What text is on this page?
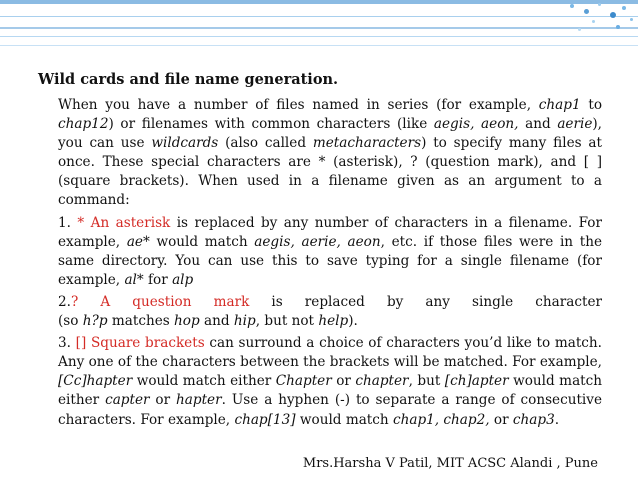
Wild cards and file name generation.

When you have a number of files named in series (for example, chap1 to chap12) or filenames with common characters (like aegis, aeon, and aerie), you can use wildcards (also called metacharacters) to specify many files at once. These special characters are * (asterisk), ? (question mark), and [ ] (square brackets). When used in a filename given as an argument to a command:

1. * An asterisk is replaced by any number of characters in a filename. For example, ae* would match aegis, aerie, aeon, etc. if those files were in the same directory. You can use this to save typing for a single filename (for example, al* for alp

2.? A question mark is replaced by any single character

(so h?p matches hop and hip, but not help).

3. [] Square brackets can surround a choice of characters you’d like to match. Any one of the characters between the brackets will be matched. For example, [Cc]hapter would match either Chapter or chapter, but [ch]apter would match either capter or hapter. Use a hyphen (-) to separate a range of consecutive characters. For example, chap[13] would match chap1, chap2, or chap3.

Mrs.Harsha V Patil, MIT ACSC Alandi , Pune
